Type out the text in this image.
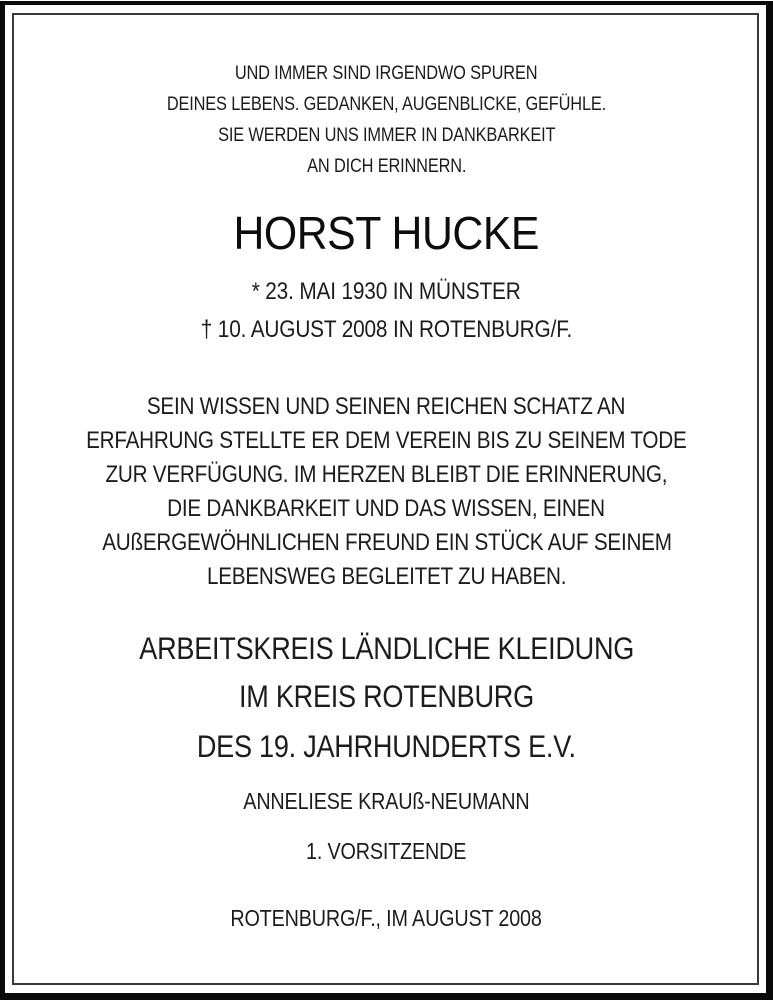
UND IMMER SIND IRGENDWO SPUREN
DEINES LEBENS. GEDANKEN, AUGENBLICKE, GEFÜHLE.
SIE WERDEN UNS IMMER IN DANKBARKEIT
AN DICH ERINNERN.
HORST HUCKE
* 23. MAI 1930 IN MÜNSTER
† 10. AUGUST 2008 IN ROTENBURG/F.
SEIN WISSEN UND SEINEN REICHEN SCHATZ AN
ERFAHRUNG STELLTE ER DEM VEREIN BIS ZU SEINEM TODE
ZUR VERFÜGUNG. IM HERZEN BLEIBT DIE ERINNERUNG,
DIE DANKBARKEIT UND DAS WISSEN, EINEN
AUßERGEWÖHNLICHEN FREUND EIN STÜCK AUF SEINEM
LEBENSWEG BEGLEITET ZU HABEN.
ARBEITSKREIS LÄNDLICHE KLEIDUNG
IM KREIS ROTENBURG
DES 19. JAHRHUNDERTS E.V.
ANNELIESE KRAUß-NEUMANN
1. VORSITZENDE
ROTENBURG/F., IM AUGUST 2008
